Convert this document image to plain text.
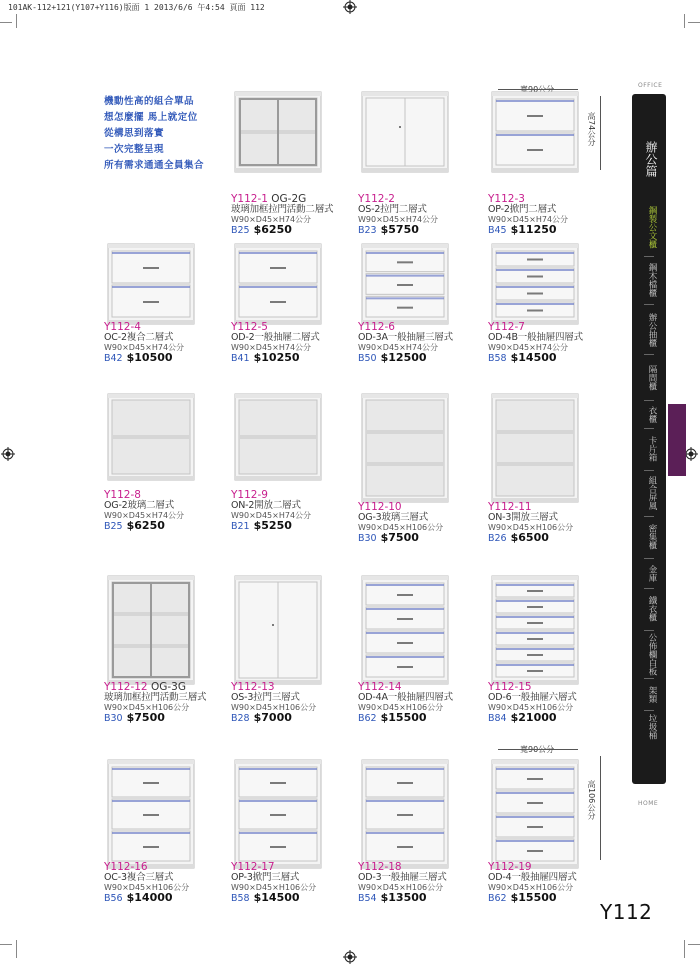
101AK-112+121(Y107+Y116)版面 1 2013/6/6 午4:54 頁面 112
機動性高的組合單品
想怎麼擺 馬上就定位
從構思到落實
一次完整呈現
所有需求通通全員集合
高74公分
高106公分
Y112-1 OG-2G
玻璃加框拉門活動二層式
W90×D45×H74公分
B25 $6250
Y112-2
OS-2拉門二層式
W90×D45×H74公分
B23 $5750
Y112-3
OP-2掀門二層式
W90×D45×H74公分
B45 $11250
Y112-4
OC-2複合二層式
W90×D45×H74公分
B42 $10500
Y112-5
OD-2一般抽屜二層式
W90×D45×H74公分
B41 $10250
Y112-6
OD-3A一般抽屜三層式
W90×D45×H74公分
B50 $12500
Y112-7
OD-4B一般抽屜四層式
W90×D45×H74公分
B58 $14500
Y112-8
OG-2玻璃二層式
W90×D45×H74公分
B25 $6250
Y112-9
ON-2開放二層式
W90×D45×H74公分
B21 $5250
Y112-10
OG-3玻璃三層式
W90×D45×H106公分
B30 $7500
Y112-11
ON-3開放三層式
W90×D45×H106公分
B26 $6500
Y112-12 OG-3G
玻璃加框拉門活動三層式
W90×D45×H106公分
B30 $7500
Y112-13
OS-3拉門三層式
W90×D45×H106公分
B28 $7000
Y112-14
OD-4A一般抽屜四層式
W90×D45×H106公分
B62 $15500
Y112-15
OD-6一般抽屜六層式
W90×D45×H106公分
B84 $21000
Y112-16
OC-3複合三層式
W90×D45×H106公分
B56 $14000
Y112-17
OP-3掀門三層式
W90×D45×H106公分
B58 $14500
Y112-18
OD-3一般抽屜三層式
W90×D45×H106公分
B54 $13500
Y112-19
OD-4一般抽屜四層式
W90×D45×H106公分
B62 $15500
OFFICE
辦公篇
鋼製公文櫃
鋼木檔櫃
辦公抽櫃
隔間櫃
衣櫃
卡片箱
組合屏風
密集櫃
金庫
鐵衣櫃
公佈欄白板
架類
垃圾桶
HOME
Y112
